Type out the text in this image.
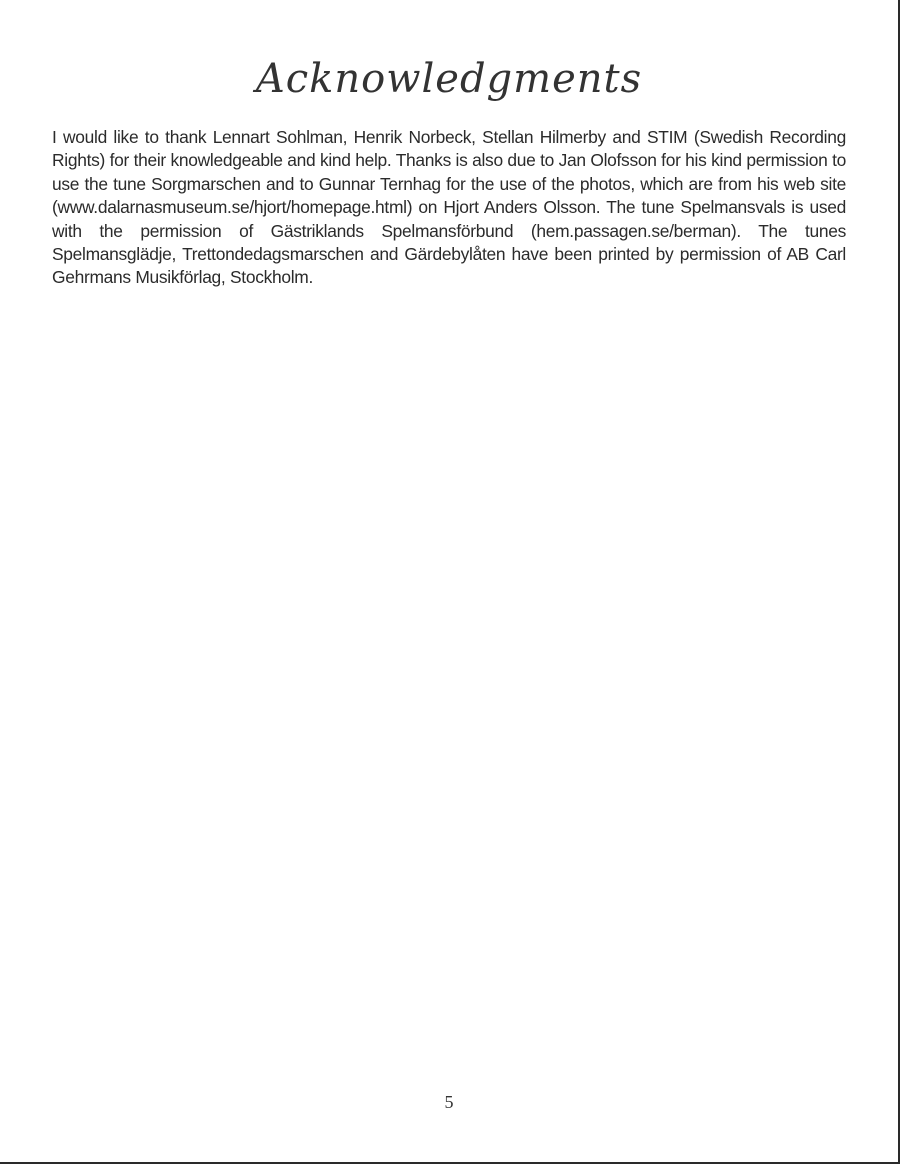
Acknowledgments

I would like to thank Lennart Sohlman, Henrik Norbeck, Stellan Hilmerby and STIM (Swedish Recording Rights) for their knowledgeable and kind help. Thanks is also due to Jan Olofsson for his kind permission to use the tune Sorgmarschen and to Gunnar Ternhag for the use of the photos, which are from his web site (www.dalarnasmuseum.se/hjort/homepage.html) on Hjort Anders Olsson. The tune Spelmansvals is used with the permission of Gästriklands Spelmansförbund (hem.passagen.se/berman). The tunes Spelmansglädje, Trettondedagsmarschen and Gärdebylåten have been printed by permission of AB Carl Gehrmans Musikförlag, Stockholm.

5
